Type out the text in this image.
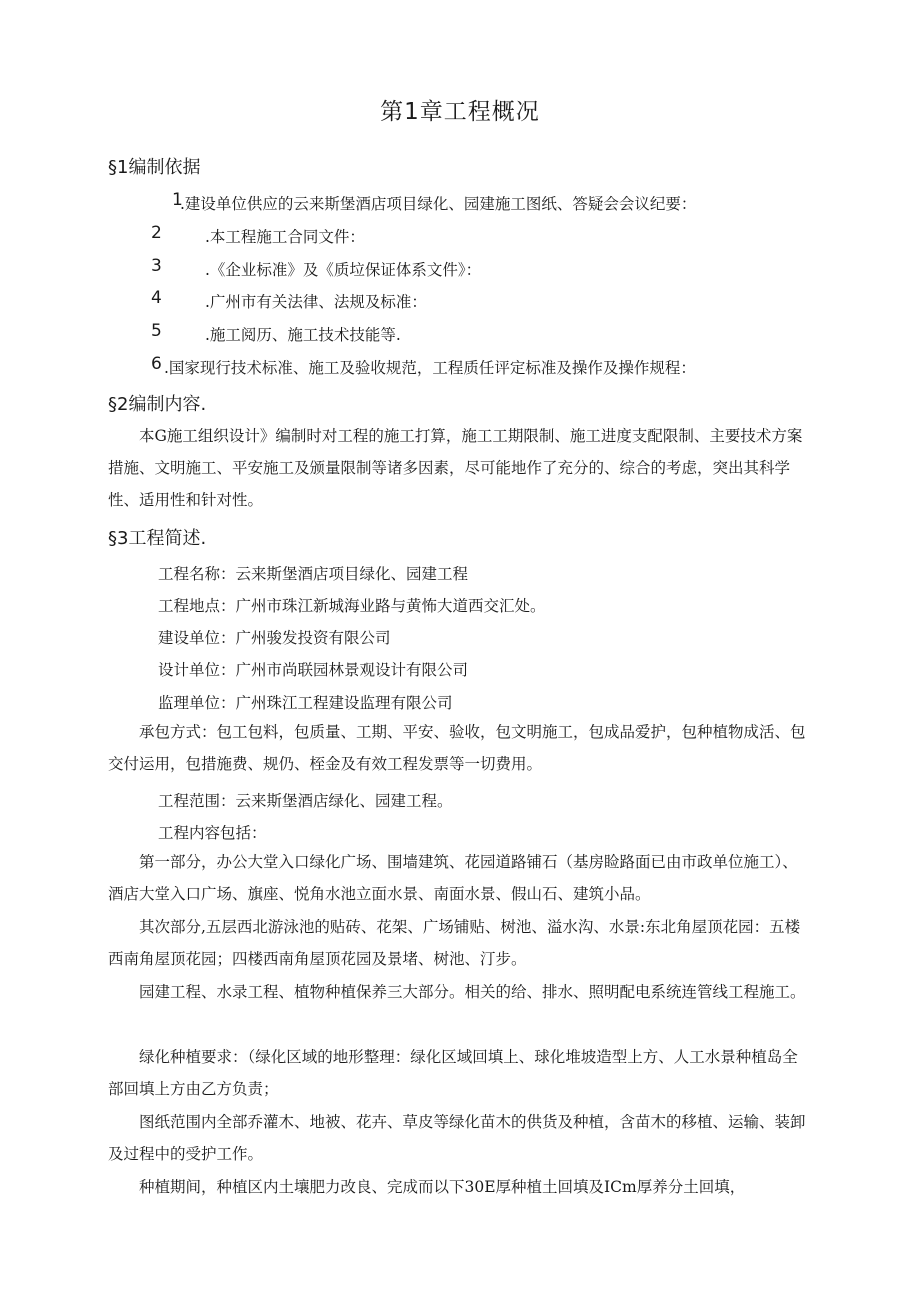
第1章工程概况
§1编制依据
1
.建设单位供应的云来斯堡酒店项目绿化、园建施工图纸、答疑会会议纪要：
2	.本工程施工合同文件：
3	.《企业标准》及《质垃保证体系文件》：
4	.广州市有关法律、法规及标准：
5	.施工阅历、施工技术技能等.
6 .国家现行技术标准、施工及验收规范，工程质任评定标准及操作及操作规程：
§2编制内容.

本G施工组织设计》编制时对工程的施工打算，施工工期限制、施工进度支配限制、主要技术方案措施、文明施工、平安施工及颁量限制等诸多因素，尽可能地作了充分的、综合的考虑，突出其科学性、适用性和针对性。

§3工程简述.
工程名称：云来斯堡酒店项目绿化、园建工程
工程地点：广州市珠江新城海业路与黄怖大道西交汇处。
建设单位：广州骏发投资有限公司
设计单位：广州市尚联园林景观设计有限公司
监理单位：广州珠江工程建设监理有限公司

承包方式：包工包料，包质量、工期、平安、验收，包文明施工，包成品爱护，包种植物成活、包交付运用，包措施费、规仍、桎金及有效工程发票等一切费用。

工程范围：云来斯堡酒店绿化、园建工程。
工程内容包括：

第一部分，办公大堂入口绿化广场、围墙建筑、花园道路铺石（基房睑路面已由市政单位施工）、酒店大堂入口广场、旗座、悦角水池立面水景、南面水景、假山石、建筑小品。

其次部分,五层西北游泳池的贴砖、花架、广场铺贴、树池、溢水沟、水景:东北角屋顶花园：五楼西南角屋顶花园；四楼西南角屋顶花园及景堵、树池、汀步。

园建工程、水录工程、植物种植保养三大部分。相关的给、排水、照明配电系统连管线工程施工。

绿化种植要求：（绿化区域的地形整理：绿化区域回填上、球化堆坡造型上方、人工水景种植岛全部回填上方由乙方负责；

图纸范围内全部乔灌木、地被、花卉、草皮等绿化苗木的供货及种植，含苗木的移植、运输、装卸及过程中的受护工作。

种植期间，种植区内土壤肥力改良、完成而以下30E厚种植土回填及ICm厚养分土回填，
